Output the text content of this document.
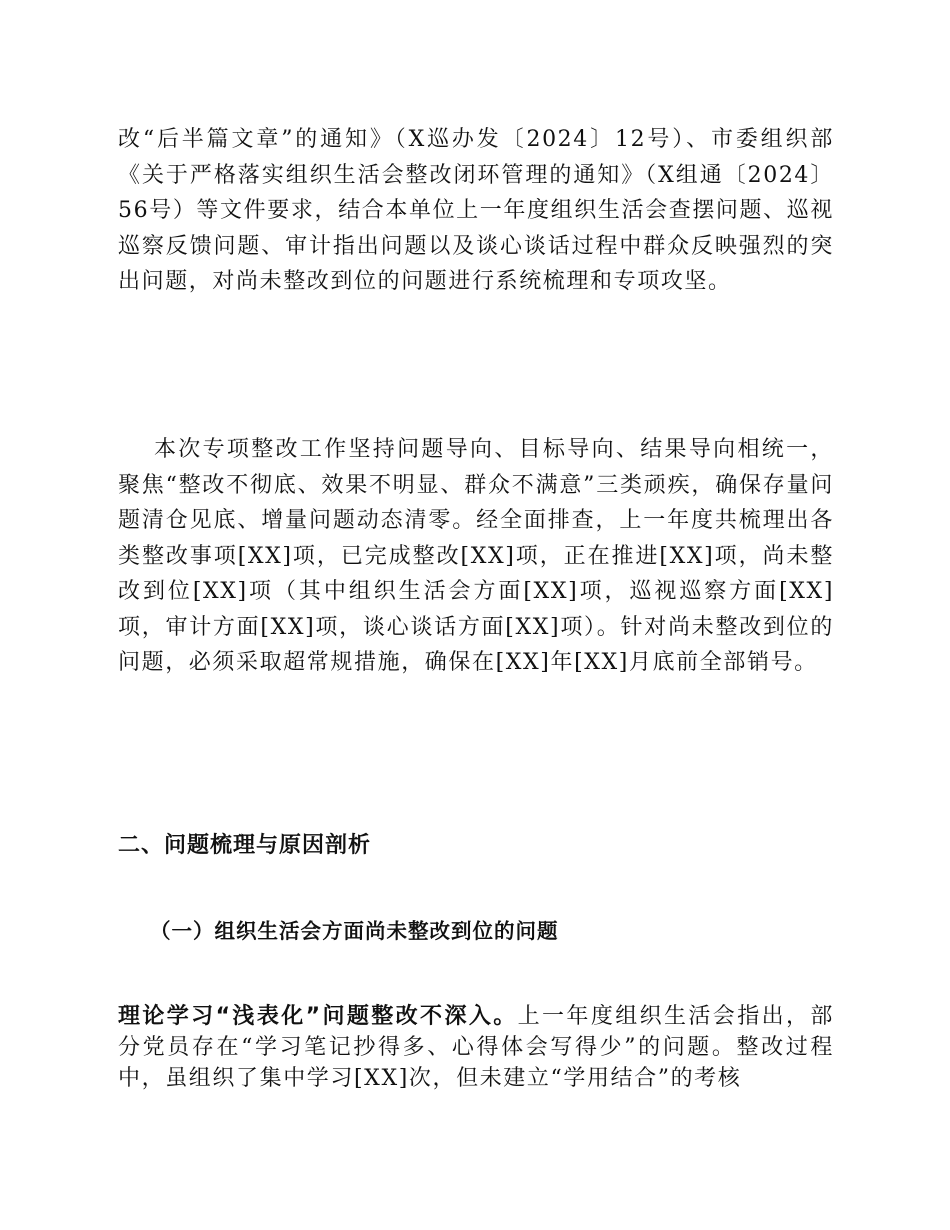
改“后半篇文章”的通知》（X巡办发〔2024〕12号）、市委组织部《关于严格落实组织生活会整改闭环管理的通知》（X组通〔2024〕56号）等文件要求，结合本单位上一年度组织生活会查摆问题、巡视巡察反馈问题、审计指出问题以及谈心谈话过程中群众反映强烈的突出问题，对尚未整改到位的问题进行系统梳理和专项攻坚。

本次专项整改工作坚持问题导向、目标导向、结果导向相统一，聚焦“整改不彻底、效果不明显、群众不满意”三类顽疾，确保存量问题清仓见底、增量问题动态清零。经全面排查，上一年度共梳理出各类整改事项[XX]项，已完成整改[XX]项，正在推进[XX]项，尚未整改到位[XX]项（其中组织生活会方面[XX]项，巡视巡察方面[XX]项，审计方面[XX]项，谈心谈话方面[XX]项）。针对尚未整改到位的问题，必须采取超常规措施，确保在[XX]年[XX]月底前全部销号。

二、问题梳理与原因剖析
（一）组织生活会方面尚未整改到位的问题

理论学习“浅表化”问题整改不深入。上一年度组织生活会指出，部分党员存在“学习笔记抄得多、心得体会写得少”的问题。整改过程中，虽组织了集中学习[XX]次，但未建立“学用结合”的考核
